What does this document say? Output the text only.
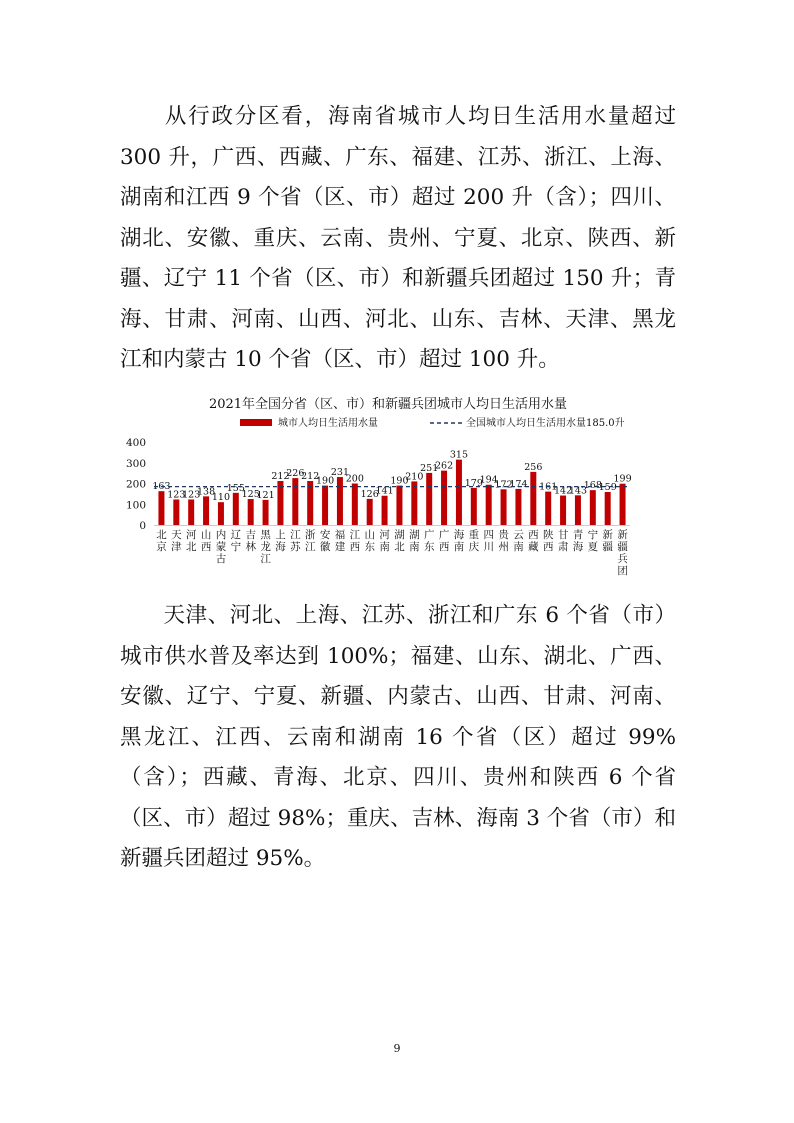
从行政分区看，海南省城市人均日生活用水量超过 300 升，广西、西藏、广东、福建、江苏、浙江、上海、湖南和江西 9 个省（区、市）超过 200 升（含）；四川、湖北、安徽、重庆、云南、贵州、宁夏、北京、陕西、新疆、辽宁 11 个省（区、市）和新疆兵团超过 150 升；青海、甘肃、河南、山西、河北、山东、吉林、天津、黑龙江和内蒙古 10 个省（区、市）超过 100 升。

2021年全国分省（区、市）和新疆兵团城市人均日生活用水量
城市人均日生活用水量	全国城市人均日生活用水量185.0升
0
100
200
300
400
163
123
123
138
110
155
125
121
212
226
212
190
231
200
126
141
190
210
251
262
315
179
194
172
174
256
161
142
143
168
159
199
北京
天津
河北
山西
内蒙古
辽宁
吉林
黑龙江
上海
江苏
浙江
安徽
福建
江西
山东
河南
湖北
湖南
广东
广西
海南
重庆
四川
贵州
云南
西藏
陕西
甘肃
青海
宁夏
新疆
新疆兵团

天津、河北、上海、江苏、浙江和广东 6 个省（市）城市供水普及率达到 100%；福建、山东、湖北、广西、安徽、辽宁、宁夏、新疆、内蒙古、山西、甘肃、河南、黑龙江、江西、云南和湖南 16 个省（区）超过 99%（含）；西藏、青海、北京、四川、贵州和陕西 6 个省（区、市）超过 98%；重庆、吉林、海南 3 个省（市）和新疆兵团超过 95%。

9
